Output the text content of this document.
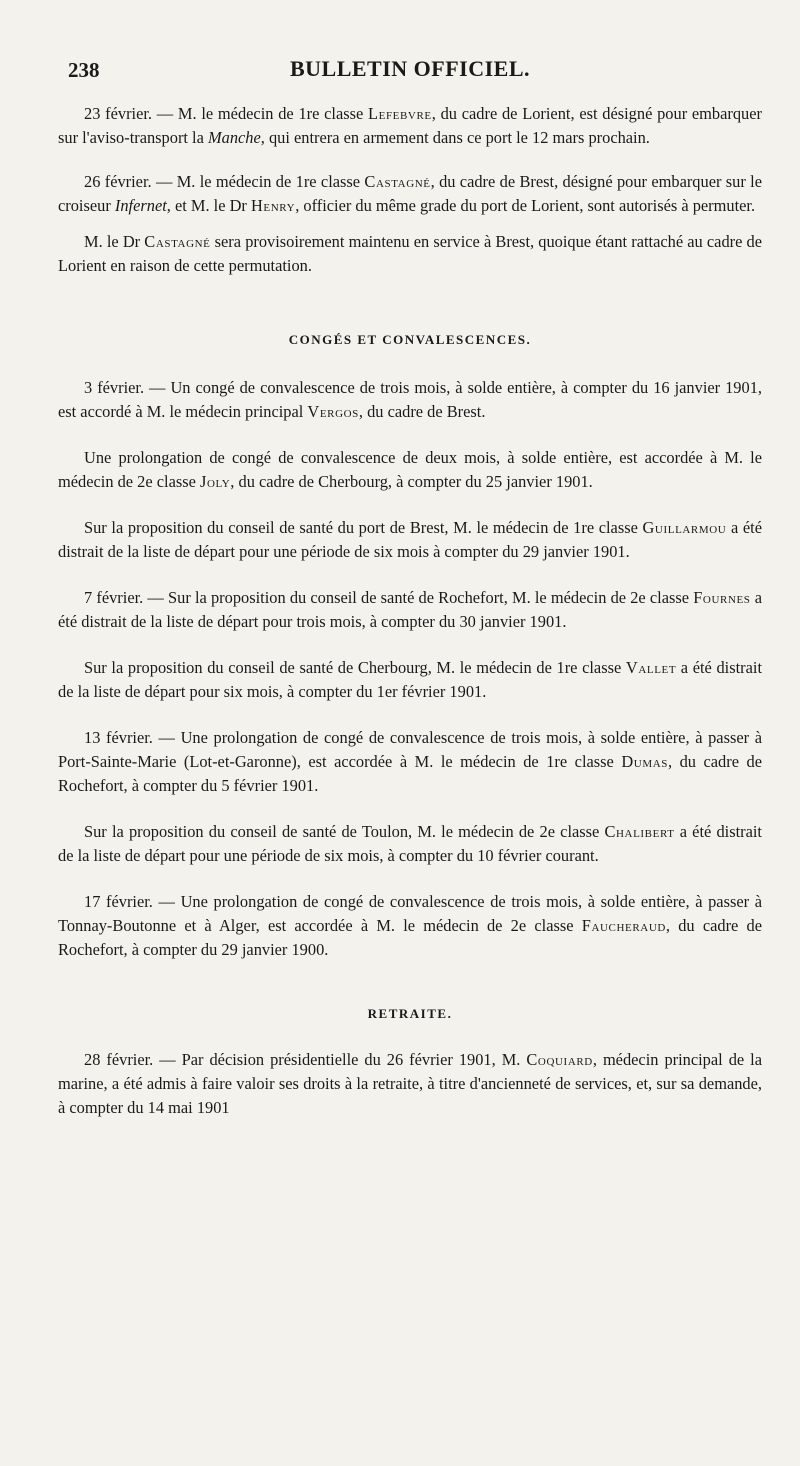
238	BULLETIN OFFICIEL.

23 février. — M. le médecin de 1re classe Lefebvre, du cadre de Lorient, est désigné pour embarquer sur l'aviso-transport la Manche, qui entrera en armement dans ce port le 12 mars prochain.

26 février. — M. le médecin de 1re classe Castagné, du cadre de Brest, désigné pour embarquer sur le croiseur Infernet, et M. le Dr Henry, officier du même grade du port de Lorient, sont autorisés à permuter.

M. le Dr Castagné sera provisoirement maintenu en service à Brest, quoique étant rattaché au cadre de Lorient en raison de cette permutation.

CONGÉS ET CONVALESCENCES.

3 février. — Un congé de convalescence de trois mois, à solde entière, à compter du 16 janvier 1901, est accordé à M. le médecin principal Vergos, du cadre de Brest.

Une prolongation de congé de convalescence de deux mois, à solde entière, est accordée à M. le médecin de 2e classe Joly, du cadre de Cherbourg, à compter du 25 janvier 1901.

Sur la proposition du conseil de santé du port de Brest, M. le médecin de 1re classe Guillarmou a été distrait de la liste de départ pour une période de six mois à compter du 29 janvier 1901.

7 février. — Sur la proposition du conseil de santé de Rochefort, M. le médecin de 2e classe Fournes a été distrait de la liste de départ pour trois mois, à compter du 30 janvier 1901.

Sur la proposition du conseil de santé de Cherbourg, M. le médecin de 1re classe Vallet a été distrait de la liste de départ pour six mois, à compter du 1er février 1901.

13 février. — Une prolongation de congé de convalescence de trois mois, à solde entière, à passer à Port-Sainte-Marie (Lot-et-Garonne), est accordée à M. le médecin de 1re classe Dumas, du cadre de Rochefort, à compter du 5 février 1901.

Sur la proposition du conseil de santé de Toulon, M. le médecin de 2e classe Chalibert a été distrait de la liste de départ pour une période de six mois, à compter du 10 février courant.

17 février. — Une prolongation de congé de convalescence de trois mois, à solde entière, à passer à Tonnay-Boutonne et à Alger, est accordée à M. le médecin de 2e classe Faucheraud, du cadre de Rochefort, à compter du 29 janvier 1900.

RETRAITE.

28 février. — Par décision présidentielle du 26 février 1901, M. Coquiard, médecin principal de la marine, a été admis à faire valoir ses droits à la retraite, à titre d'ancienneté de services, et, sur sa demande, à compter du 14 mai 1901
